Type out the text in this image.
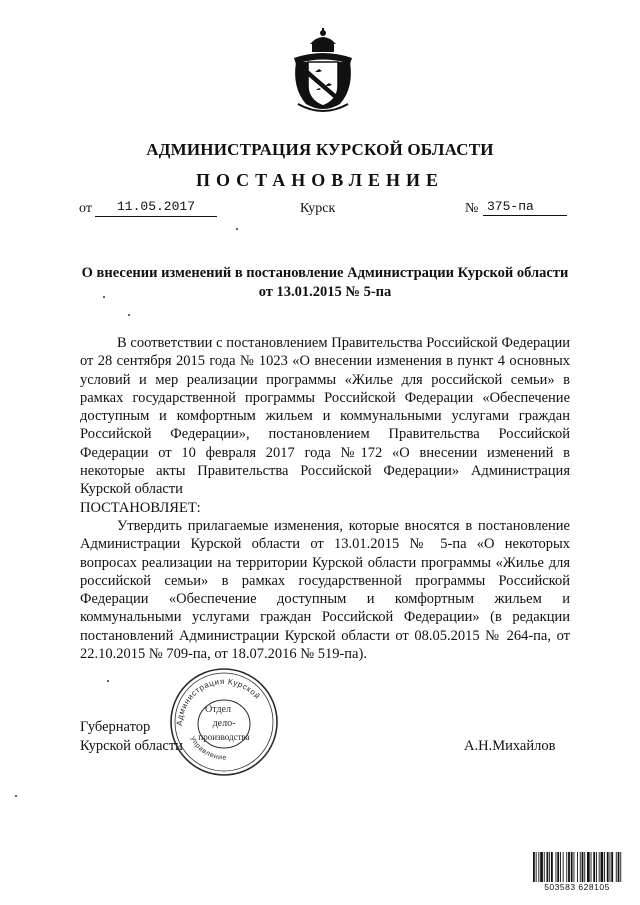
АДМИНИСТРАЦИЯ КУРСКОЙ ОБЛАСТИ
ПОСТАНОВЛЕНИЕ
от	11.05.2017	Курск	№ 375-па
О внесении изменений в постановление Администрации Курской области от 13.01.2015 № 5-па

В соответствии с постановлением Правительства Российской Федерации от 28 сентября 2015 года № 1023 «О внесении изменения в пункт 4 основных условий и мер реализации программы «Жилье для российской семьи» в рамках государственной программы Российской Федерации «Обеспечение доступным и комфортным жильем и коммунальными услугами граждан Российской Федерации», постановлением Правительства Российской Федерации от 10 февраля 2017 года №172 «О внесении изменений в некоторые акты Правительства Российской Федерации» Администрация Курской области

ПОСТАНОВЛЯЕТ:

Утвердить прилагаемые изменения, которые вносятся в постановление Администрации Курской области от 13.01.2015 № 5-па «О некоторых вопросах реализации на территории Курской области программы «Жилье для российской семьи» в рамках государственной программы Российской Федерации «Обеспечение доступным и комфортным жильем и коммунальными услугами граждан Российской Федерации» (в редакции постановлений Администрации Курской области от 08.05.2015 № 264-па, от 22.10.2015 № 709-па, от 18.07.2016 № 519-па).

Губернатор
Курской области	А.Н.Михайлов
Администрация Курской
Управление
Отдел
дело-
производства
503583 628105
